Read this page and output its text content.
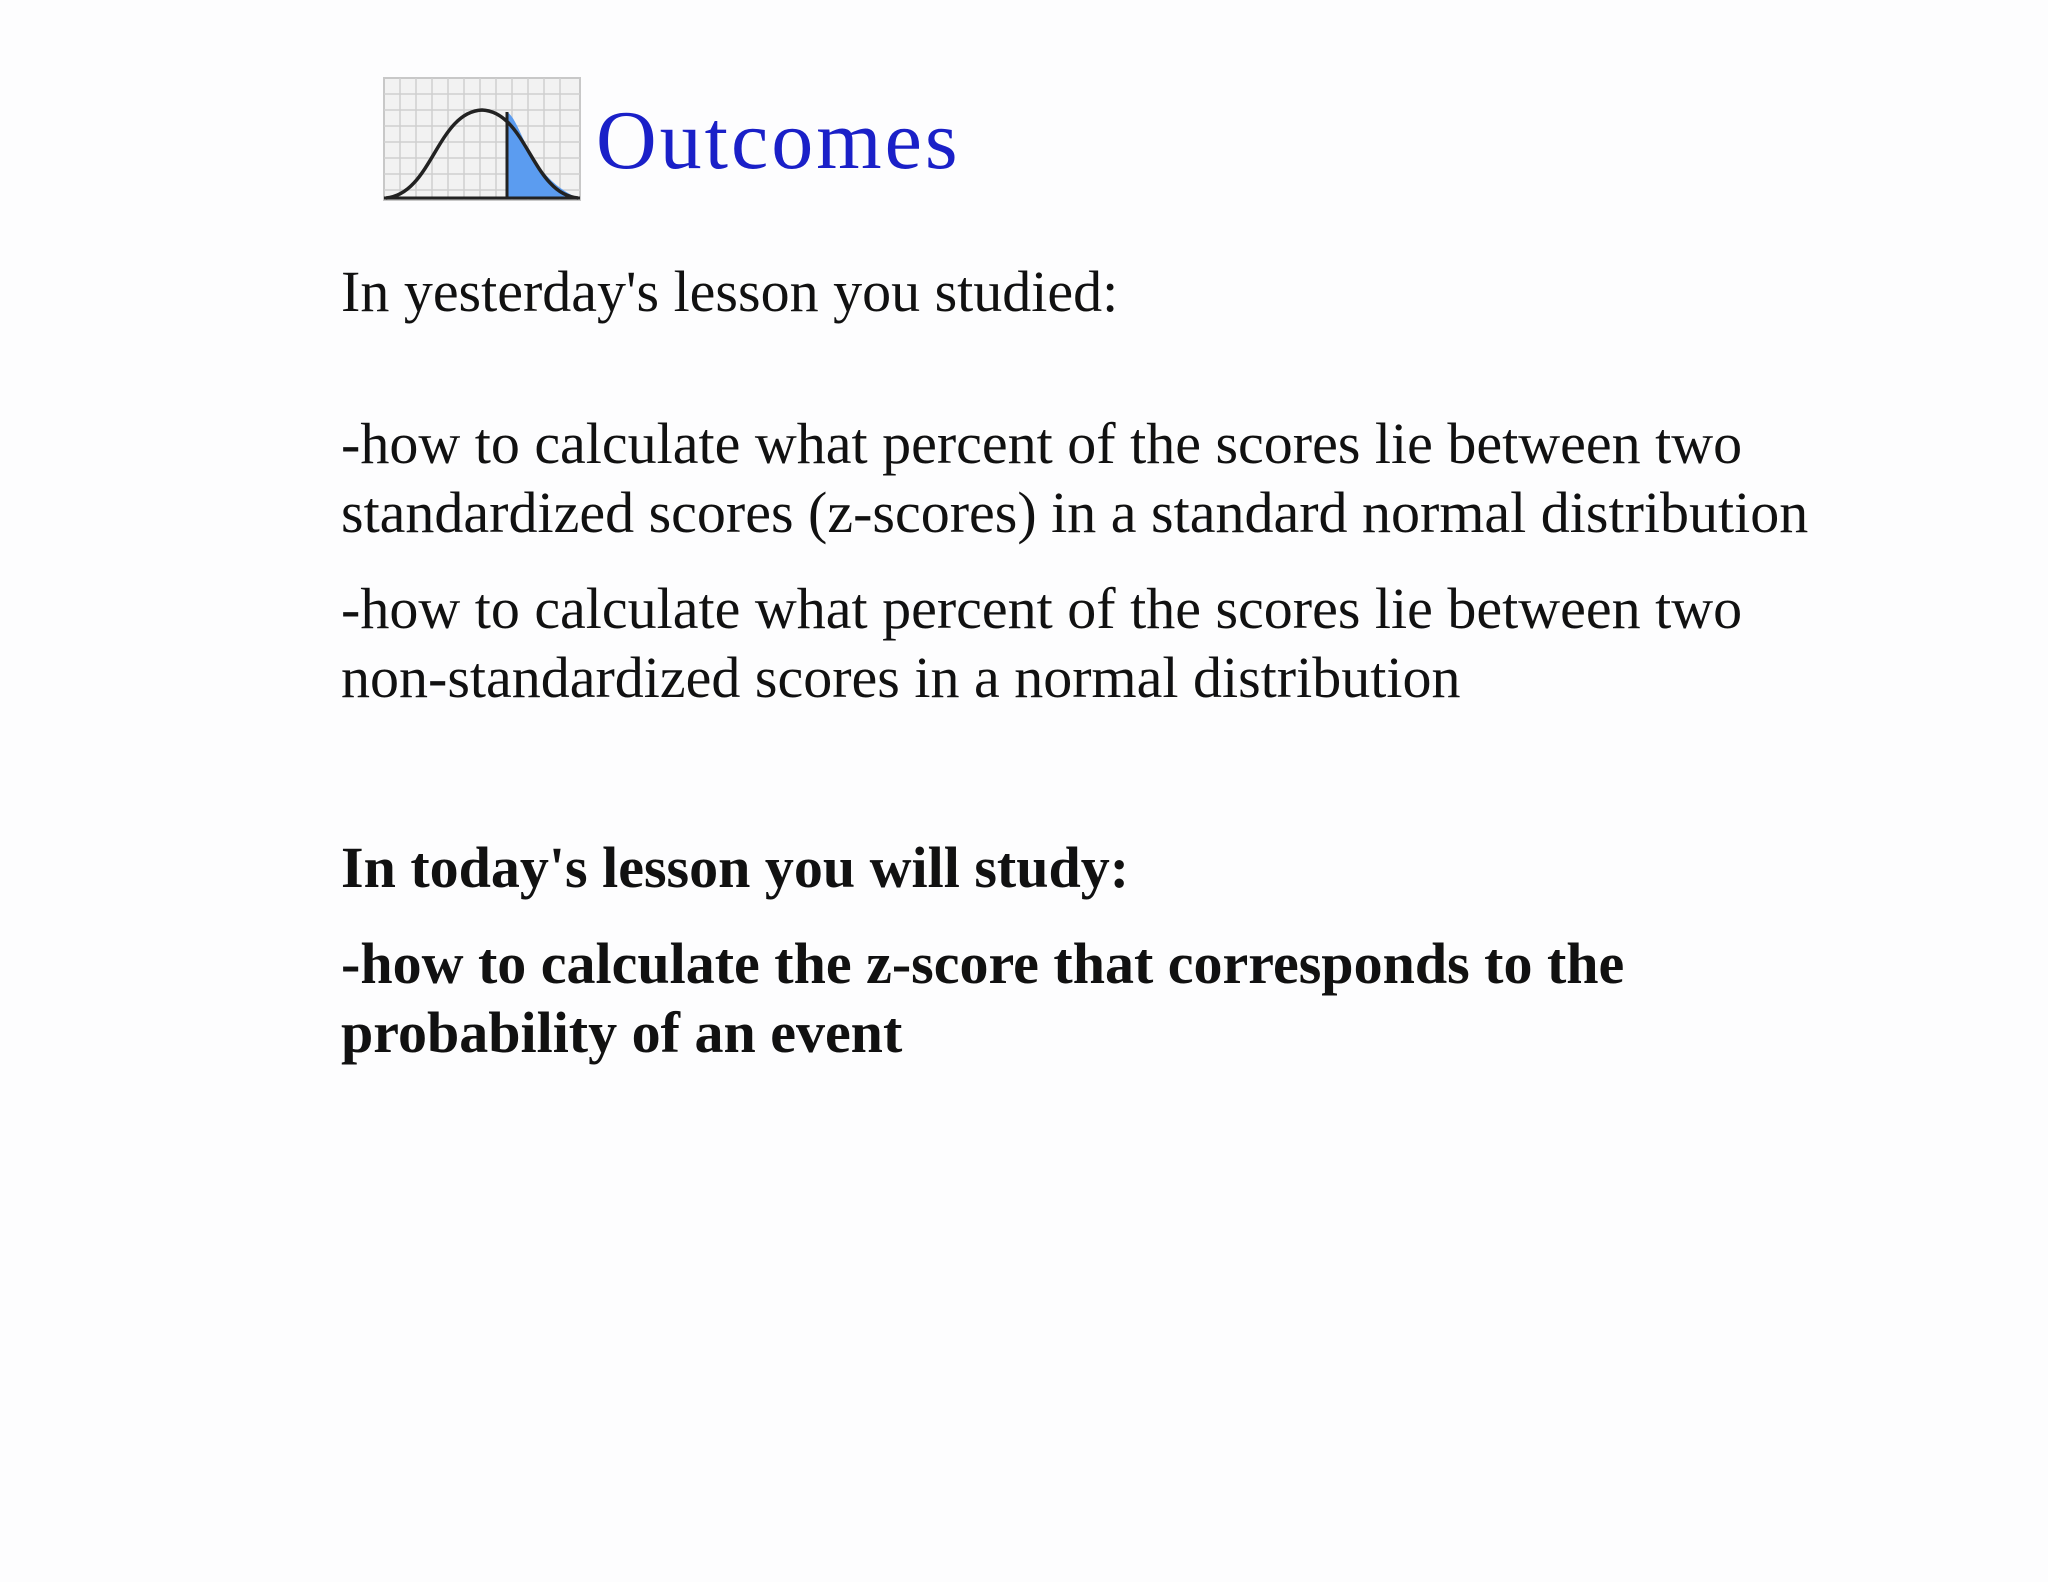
Outcomes

In yesterday's lesson you studied:

-how to calculate what percent of the scores lie between two
standardized scores (z-scores) in a standard normal distribution

-how to calculate what percent of the scores lie between two
non-standardized scores in a normal distribution

In today's lesson you will study:

-how to calculate the z-score that corresponds to the
probability of an event
